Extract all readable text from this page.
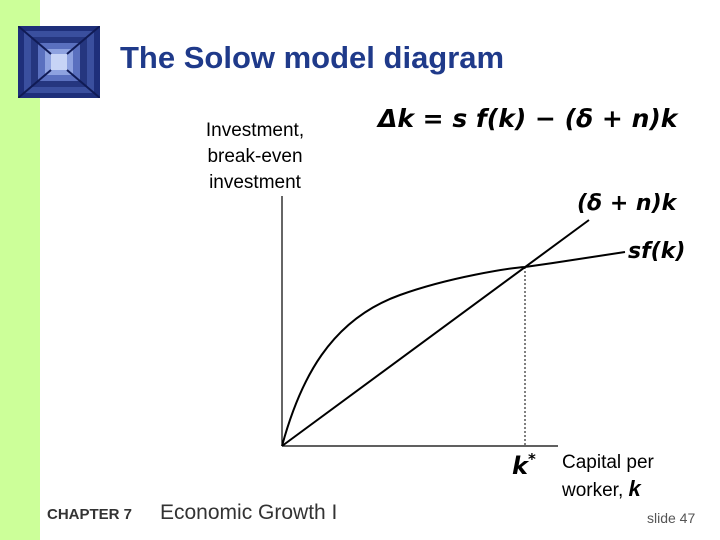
The Solow model diagram
Investment,
break-even
investment
Δk = s f(k) − (δ + n)k
(δ + n)k
sf(k)
k* Capital per
worker, k
CHAPTER 7 Economic Growth I	slide 47
